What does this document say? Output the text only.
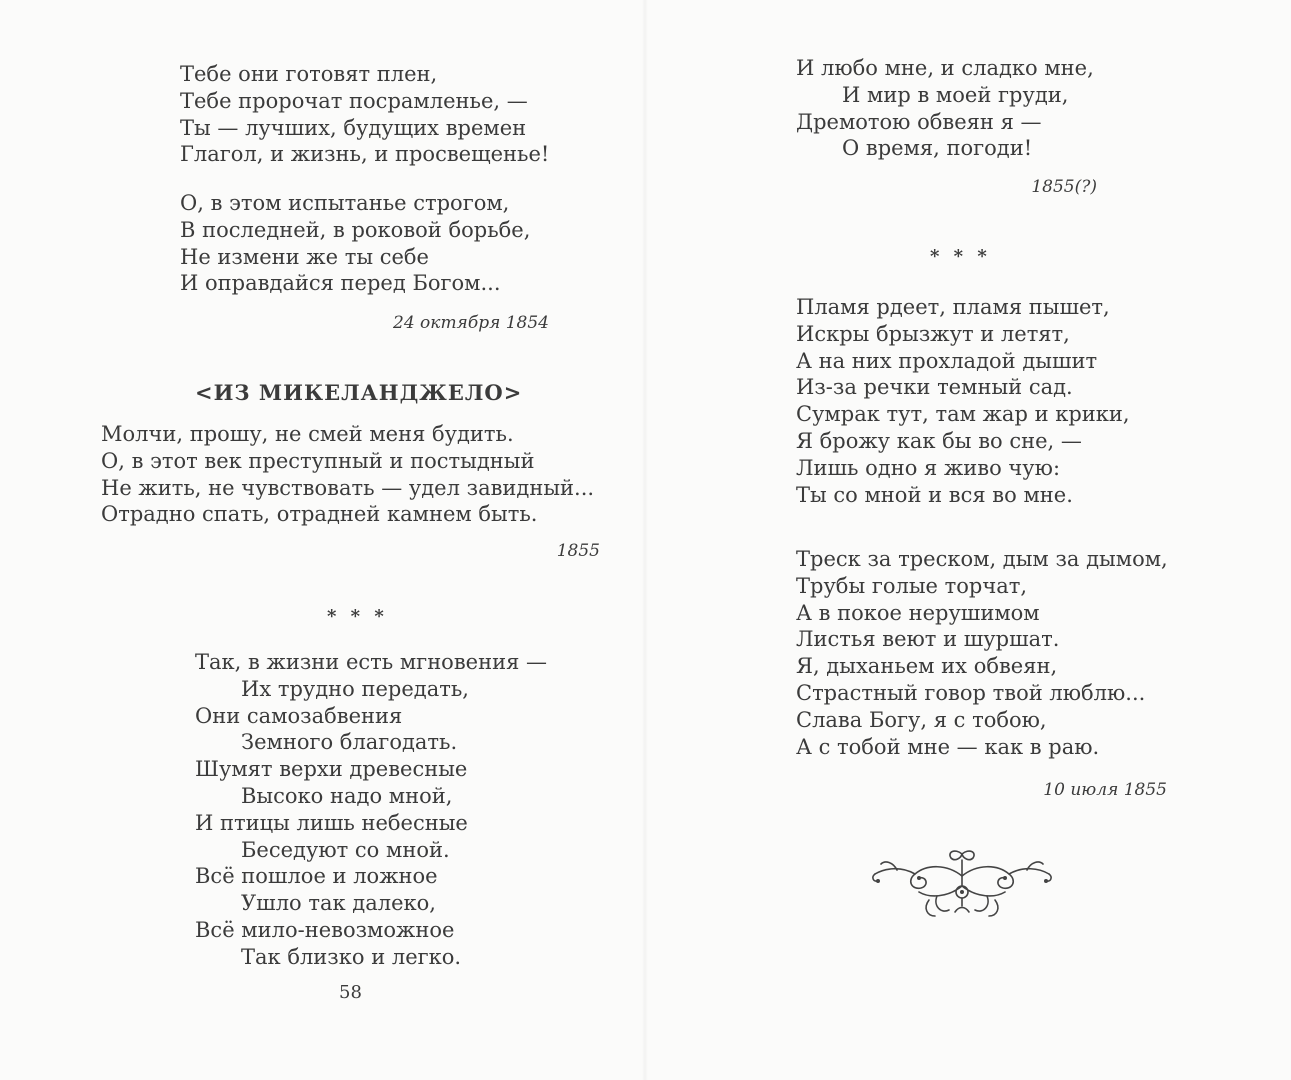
Тебе они готовят плен,
Тебе пророчат посрамленье, —
Ты — лучших, будущих времен
Глагол, и жизнь, и просвещенье!
О, в этом испытанье строгом,
В последней, в роковой борьбе,
Не измени же ты себе
И оправдайся перед Богом...
24 октября 1854
<ИЗ МИКЕЛАНДЖЕЛО>
Молчи, прошу, не смей меня будить.
О, в этот век преступный и постыдный
Не жить, не чувствовать — удел завидный...
Отрадно спать, отрадней камнем быть.
1855
* * *
Так, в жизни есть мгновения —
Их трудно передать,
Они самозабвения
Земного благодать.
Шумят верхи древесные
Высоко надо мной,
И птицы лишь небесные
Беседуют со мной.
Всё пошлое и ложное
Ушло так далеко,
Всё мило-невозможное
Так близко и легко.
58
И любо мне, и сладко мне,
И мир в моей груди,
Дремотою обвеян я —
О время, погоди!
1855(?)
* * *
Пламя рдеет, пламя пышет,
Искры брызжут и летят,
А на них прохладой дышит
Из-за речки темный сад.
Сумрак тут, там жар и крики,
Я брожу как бы во сне, —
Лишь одно я живо чую:
Ты со мной и вся во мне.
Треск за треском, дым за дымом,
Трубы голые торчат,
А в покое нерушимом
Листья веют и шуршат.
Я, дыханьем их обвеян,
Страстный говор твой люблю...
Слава Богу, я с тобою,
А с тобой мне — как в раю.
10 июля 1855
